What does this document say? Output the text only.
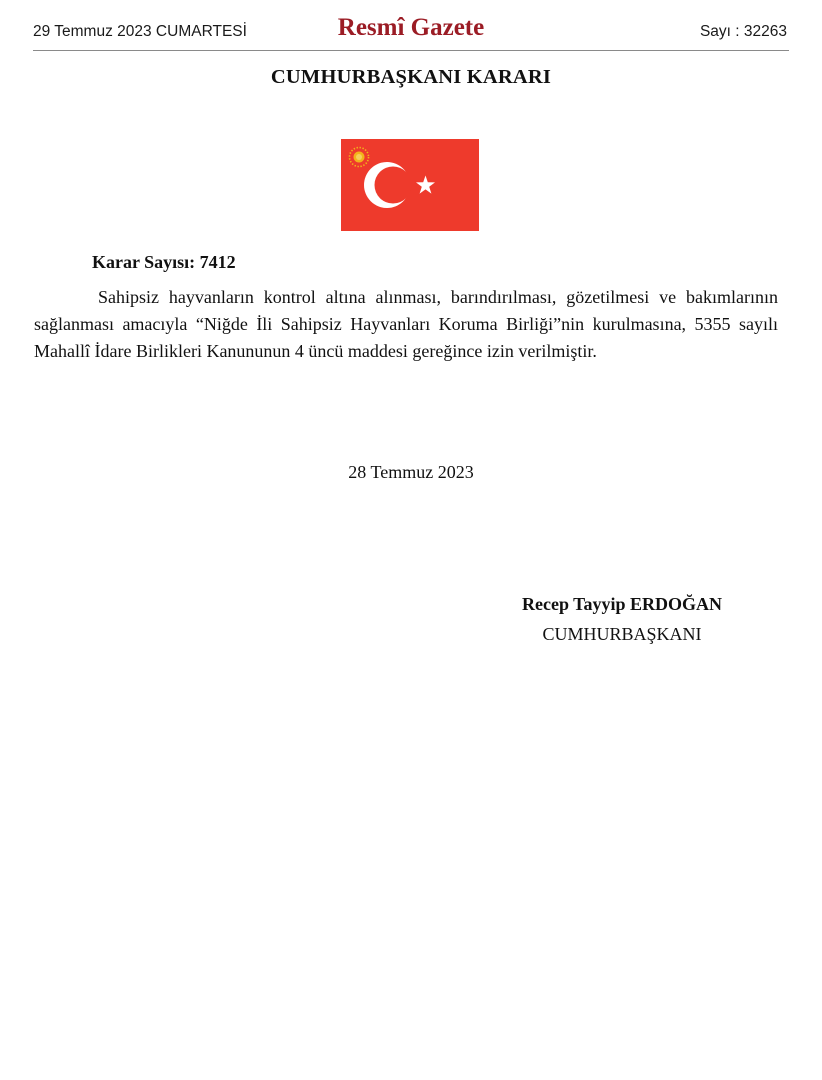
29 Temmuz 2023 CUMARTESİ	Resmî Gazete	Sayı : 32263
CUMHURBAŞKANI KARARI
Karar Sayısı: 7412

Sahipsiz hayvanların kontrol altına alınması, barındırılması, gözetilmesi ve bakımlarının sağlanması amacıyla “Niğde İli Sahipsiz Hayvanları Koruma Birliği”nin kurulmasına, 5355 sayılı Mahallî İdare Birlikleri Kanununun 4 üncü maddesi gereğince izin verilmiştir.

28 Temmuz 2023
Recep Tayyip ERDOĞAN
CUMHURBAŞKANI
